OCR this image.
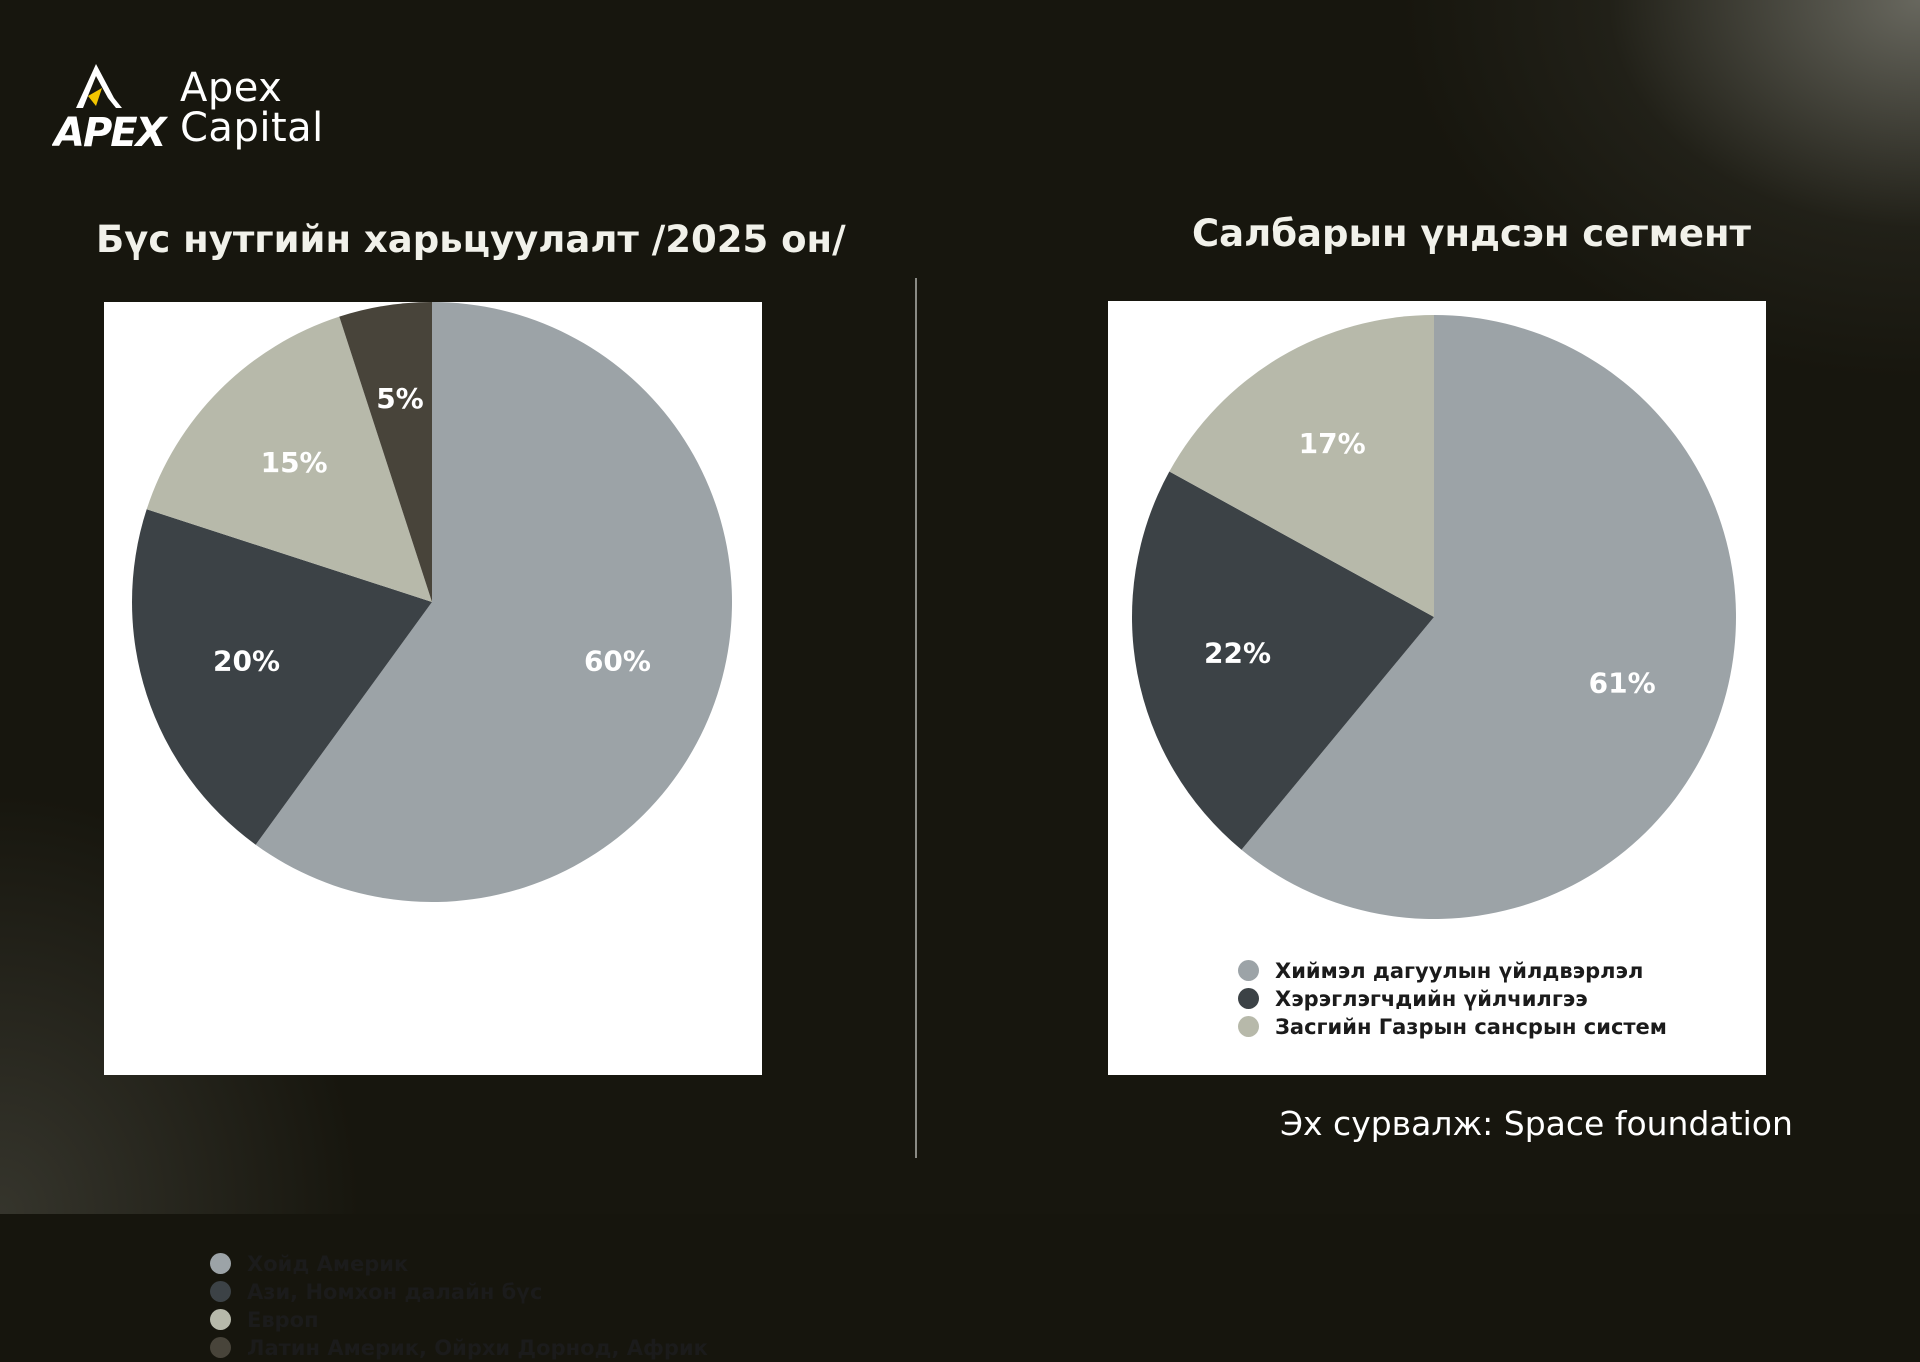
APEX
Apex
Capital
Бүс нутгийн харьцуулалт /2025 он/	Салбарын үндсэн сегмент
60%
20%
15%
5%
Хойд Америк
Ази, Номхон далайн бүс
Европ
Латин Америк, Ойрхи Дорнод, Африк
61%
22%
17%
Хиймэл дагуулын үйлдвэрлэл
Хэрэглэгчдийн үйлчилгээ
Засгийн Газрын сансрын систем
Эх сурвалж: Space foundation
